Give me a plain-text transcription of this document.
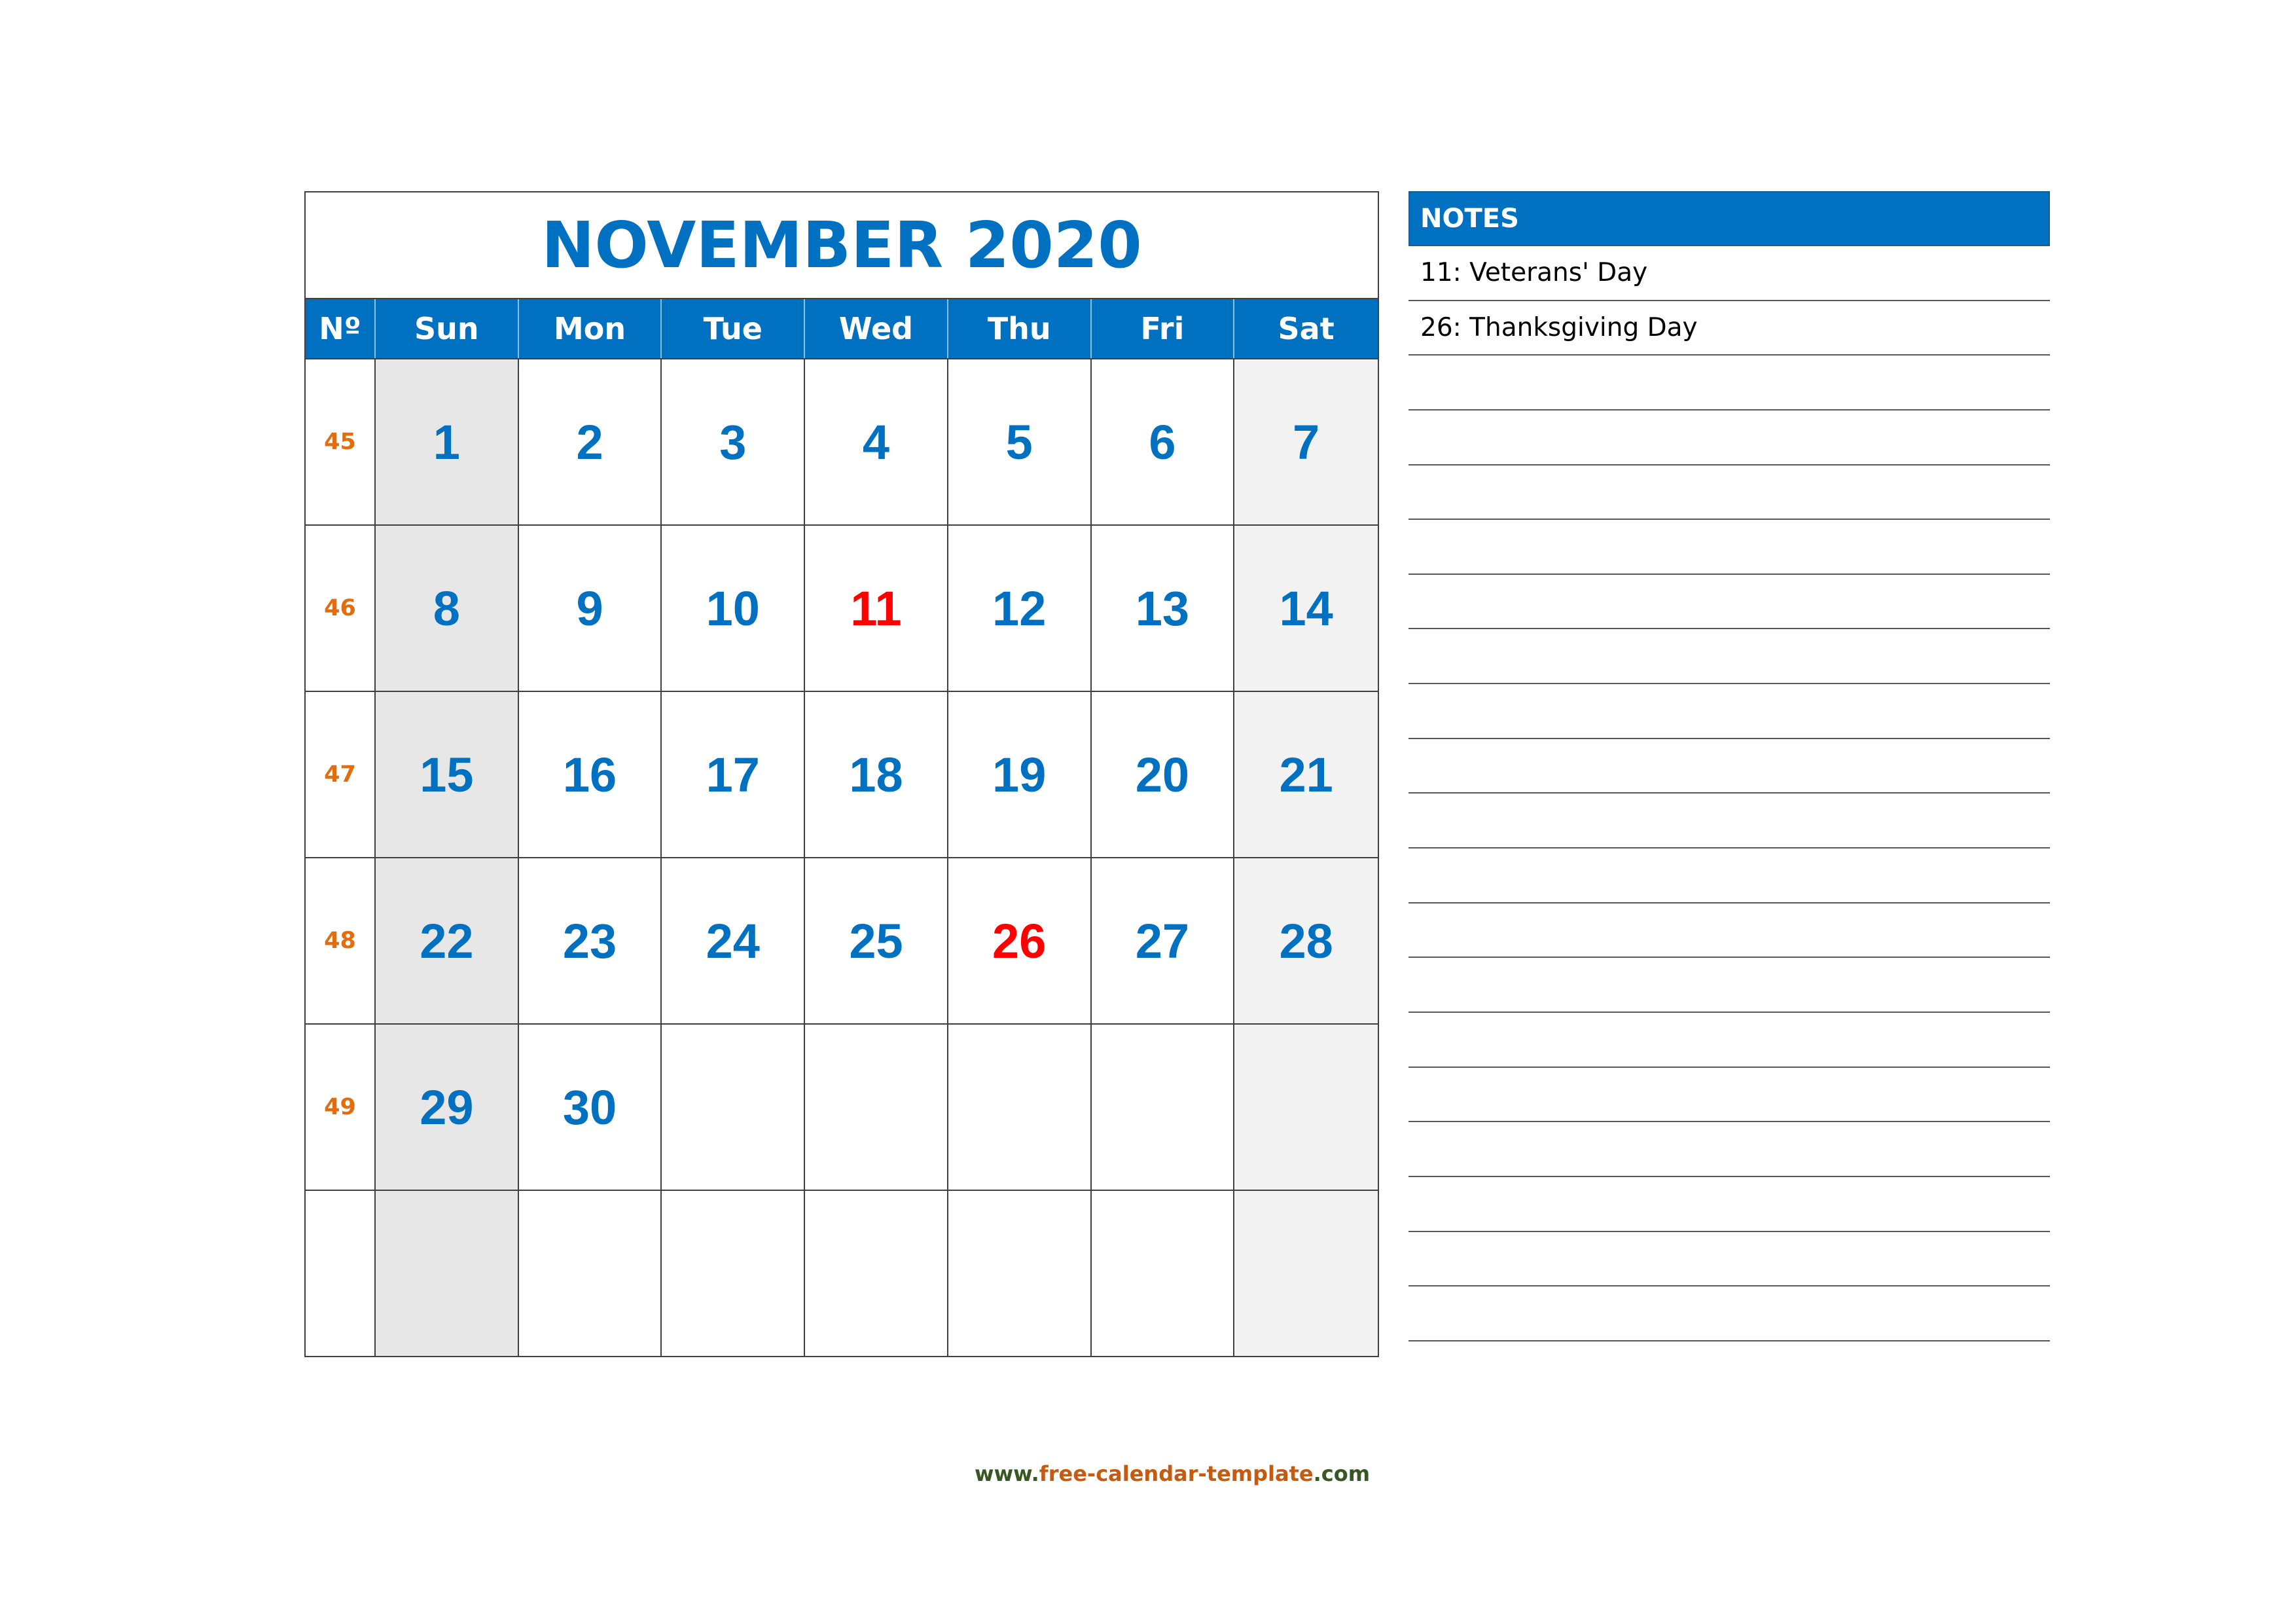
NOVEMBER 2020
Nº	Sun	Mon	Tue	Wed	Thu	Fri	Sat
45	1 2 3 4 5 6 7
46	8 9 10 11 12 13 14
47	15 16 17 18 19 20 21
48	22 23 24 25 26 27 28
49	29 30
NOTES
11: Veterans' Day
26: Thanksgiving Day
www.free-calendar-template.com
